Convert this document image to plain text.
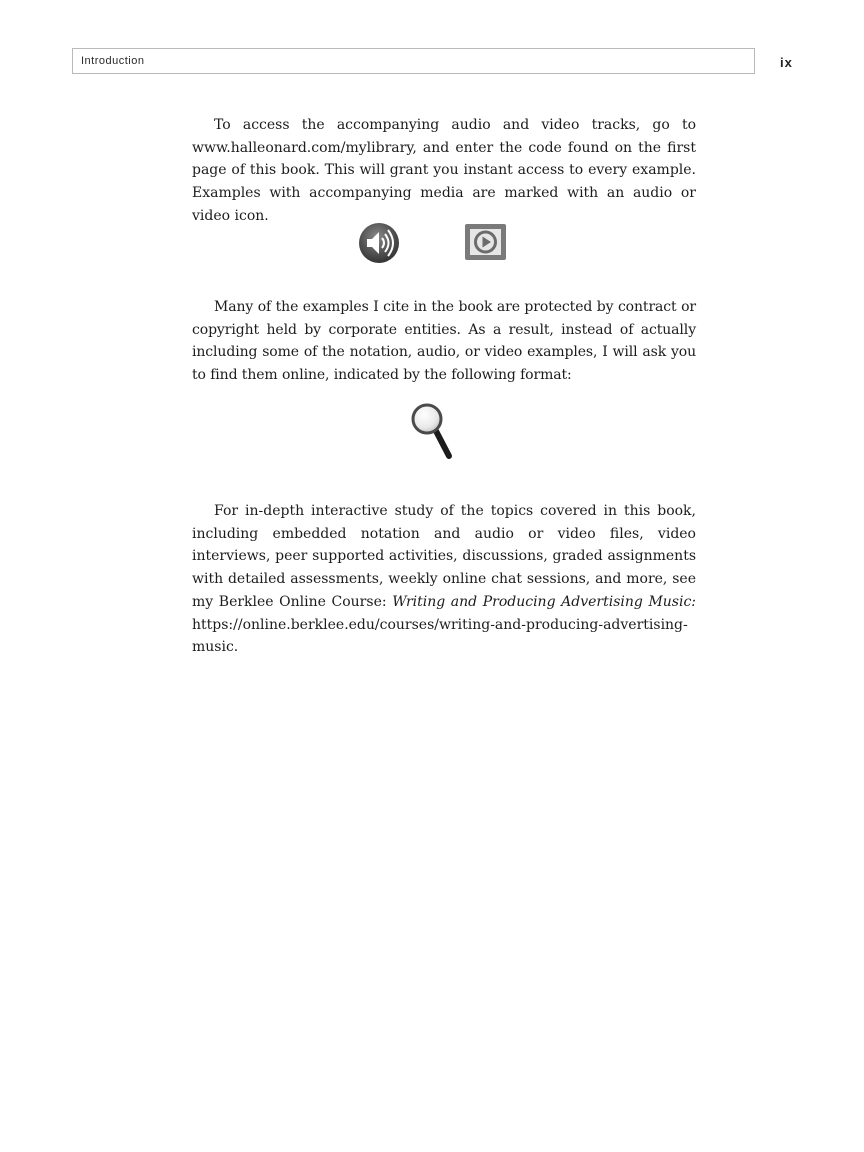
Introduction	ix

To access the accompanying audio and video tracks, go to www.halleonard.com/mylibrary, and enter the code found on the first page of this book. This will grant you instant access to every example. Examples with accompanying media are marked with an audio or video icon.

Many of the examples I cite in the book are protected by contract or copyright held by corporate entities. As a result, instead of actually including some of the notation, audio, or video examples, I will ask you to find them online, indicated by the following format:

For in-depth interactive study of the topics covered in this book, including embedded notation and audio or video files, video interviews, peer supported activities, discussions, graded assignments with detailed assessments, weekly online chat sessions, and more, see my Berklee Online Course: Writing and Producing Advertising Music: https://online.berklee.edu/courses/writing-and-producing-advertising-music.
